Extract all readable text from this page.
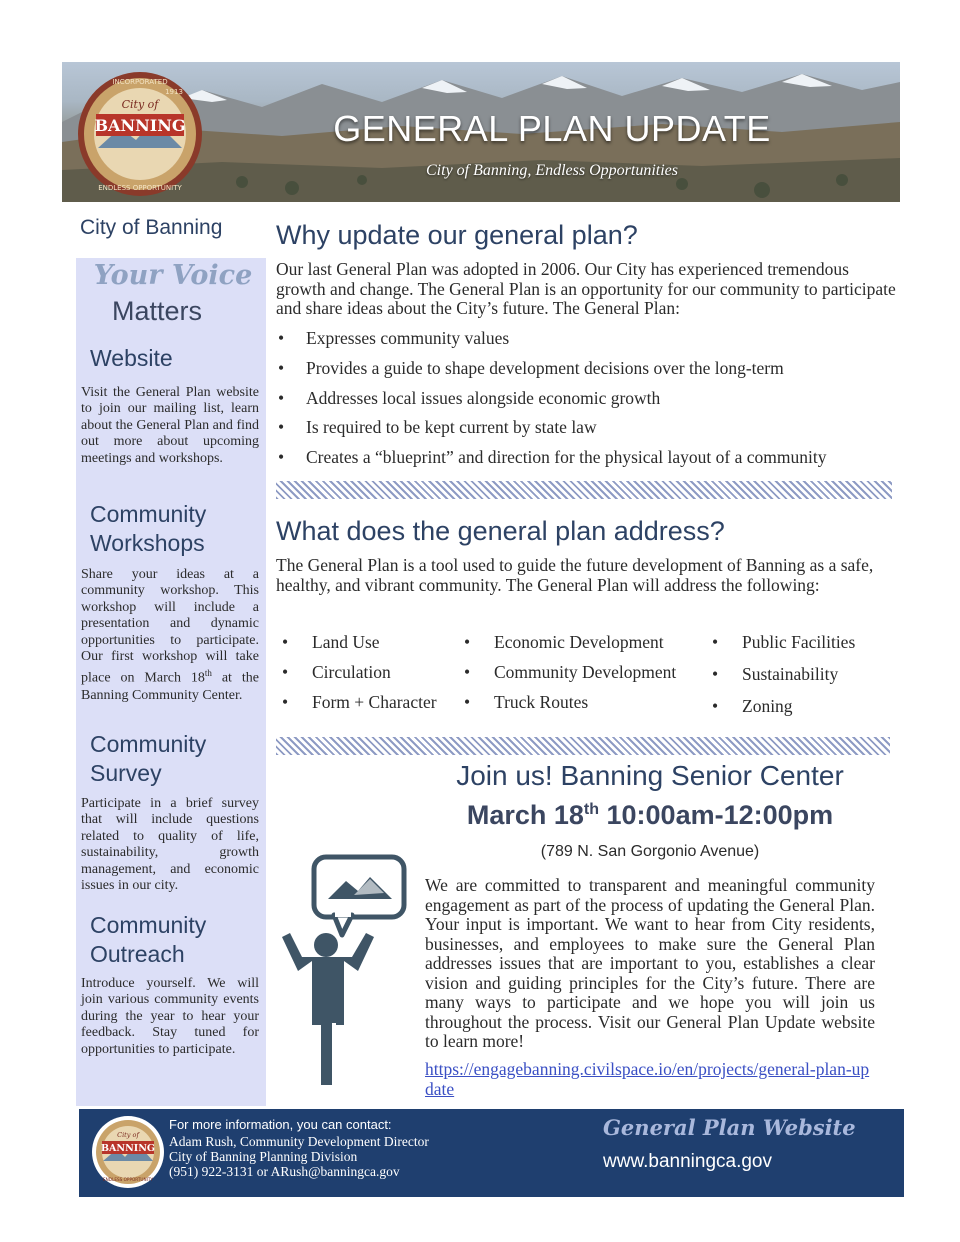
BANNING
City of
INCORPORATED
1913
ENDLESS OPPORTUNITY
GENERAL PLAN UPDATE
City of Banning, Endless Opportunities
City of Banning
Your Voice
Matters
Website
Visit the General Plan website to join our mailing list, learn about the General Plan and find out more about upcoming meetings and workshops.
Community
Workshops
Share your ideas at a community workshop. This workshop will include a presentation and dynamic opportunities to participate. Our first workshop will take place on March 18th at the Banning Community Center.
Community
Survey
Participate in a brief survey that will include questions related to quality of life, sustainability, growth management, and economic issues in our city.
Community
Outreach
Introduce yourself. We will join various community events during the year to hear your feedback. Stay tuned for opportunities to participate.
Why update our general plan?
Our last General Plan was adopted in 2006. Our City has experienced tremendous growth and change. The General Plan is an opportunity for our community to participate and share ideas about the City’s future. The General Plan:
• Expresses community values
• Provides a guide to shape development decisions over the long-term
• Addresses local issues alongside economic growth
• Is required to be kept current by state law
• Creates a “blueprint” and direction for the physical layout of a community
What does the general plan address?
The General Plan is a tool used to guide the future development of Banning as a safe, healthy, and vibrant community. The General Plan will address the following:
• Land Use
• Circulation
• Form + Character
• Economic Development
• Community Development
• Truck Routes
• Public Facilities
• Sustainability
• Zoning
Join us! Banning Senior Center
March 18th 10:00am-12:00pm
(789 N. San Gorgonio Avenue)
We are committed to transparent and meaningful community engagement as part of the process of updating the General Plan. Your input is important. We want to hear from City residents, businesses, and employees to make sure the General Plan addresses issues that are important to you, establishes a clear vision and guiding principles for the City’s future. There are many ways to participate and we hope you will join us throughout the process. Visit our General Plan Update website to learn more!
https://engagebanning.civilspace.io/en/projects/general-plan-update
BANNING
City of
ENDLESS OPPORTUNITY
For more information, you can contact:
Adam Rush, Community Development Director
City of Banning Planning Division
(951) 922-3131 or ARush@banningca.gov
General Plan Website
www.banningca.gov
